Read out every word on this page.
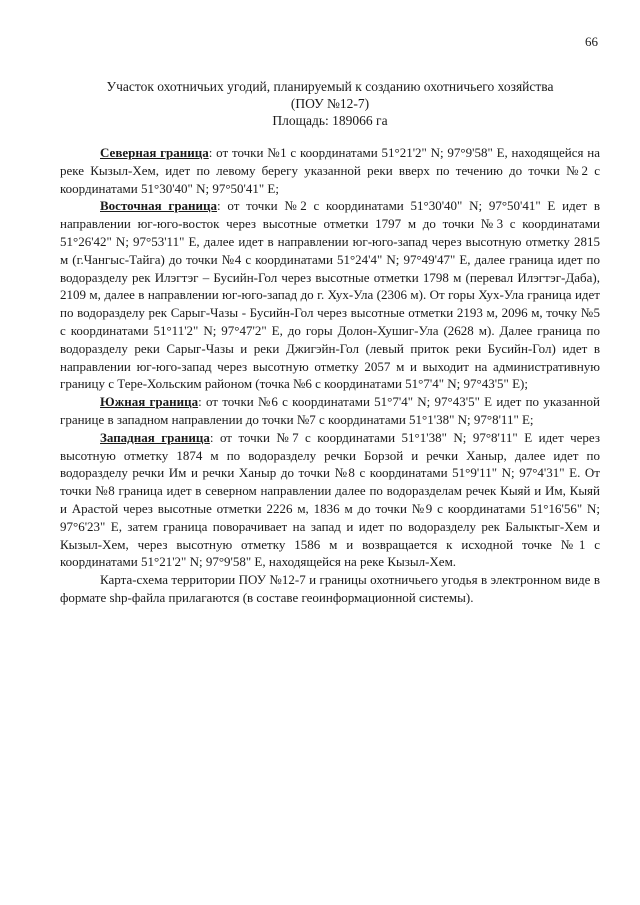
66
Участок охотничьих угодий, планируемый к созданию охотничьего хозяйства
(ПОУ №12-7)
Площадь: 189066 га

Северная граница: от точки №1 с координатами 51°21'2" N; 97°9'58" E, находящейся на реке Кызыл-Хем, идет по левому берегу указанной реки вверх по течению до точки №2 с координатами 51°30'40" N; 97°50'41" E;

Восточная граница: от точки №2 с координатами 51°30'40" N; 97°50'41" E идет в направлении юг-юго-восток через высотные отметки 1797 м до точки №3 с координатами 51°26'42" N; 97°53'11" E, далее идет в направлении юг-юго-запад через высотную отметку 2815 м (г.Чангыс-Тайга) до точки №4 с координатами 51°24'4" N; 97°49'47" E, далее граница идет по водоразделу рек Илэгтэг – Бусийн-Гол через высотные отметки 1798 м (перевал Илэгтэг-Даба), 2109 м, далее в направлении юг-юго-запад до г. Хух-Ула (2306 м). От горы Хух-Ула граница идет по водоразделу рек Сарыг-Чазы - Бусийн-Гол через высотные отметки 2193 м, 2096 м, точку №5 с координатами 51°11'2" N; 97°47'2" E, до горы Долон-Хушиг-Ула (2628 м). Далее граница по водоразделу реки Сарыг-Чазы и реки Джигэйн-Гол (левый приток реки Бусийн-Гол) идет в направлении юг-юго-запад через высотную отметку 2057 м и выходит на административную границу с Тере-Хольским районом (точка №6 с координатами 51°7'4" N; 97°43'5" E);

Южная граница: от точки №6 с координатами 51°7'4" N; 97°43'5" E идет по указанной границе в западном направлении до точки №7 с координатами 51°1'38" N; 97°8'11" E;

Западная граница: от точки №7 с координатами 51°1'38" N; 97°8'11" E идет через высотную отметку 1874 м по водоразделу речки Борзой и речки Ханыр, далее идет по водоразделу речки Им и речки Ханыр до точки №8 с координатами 51°9'11" N; 97°4'31" E. От точки №8 граница идет в северном направлении далее по водоразделам речек Кыяй и Им, Кыяй и Арастой через высотные отметки 2226 м, 1836 м до точки №9 с координатами 51°16'56" N; 97°6'23" E, затем граница поворачивает на запад и идет по водоразделу рек Балыктыг-Хем и Кызыл-Хем, через высотную отметку 1586 м и возвращается к исходной точке №1 с координатами 51°21'2" N; 97°9'58" E, находящейся на реке Кызыл-Хем.

Карта-схема территории ПОУ №12-7 и границы охотничьего угодья в электронном виде в формате shp-файла прилагаются (в составе геоинформационной системы).
